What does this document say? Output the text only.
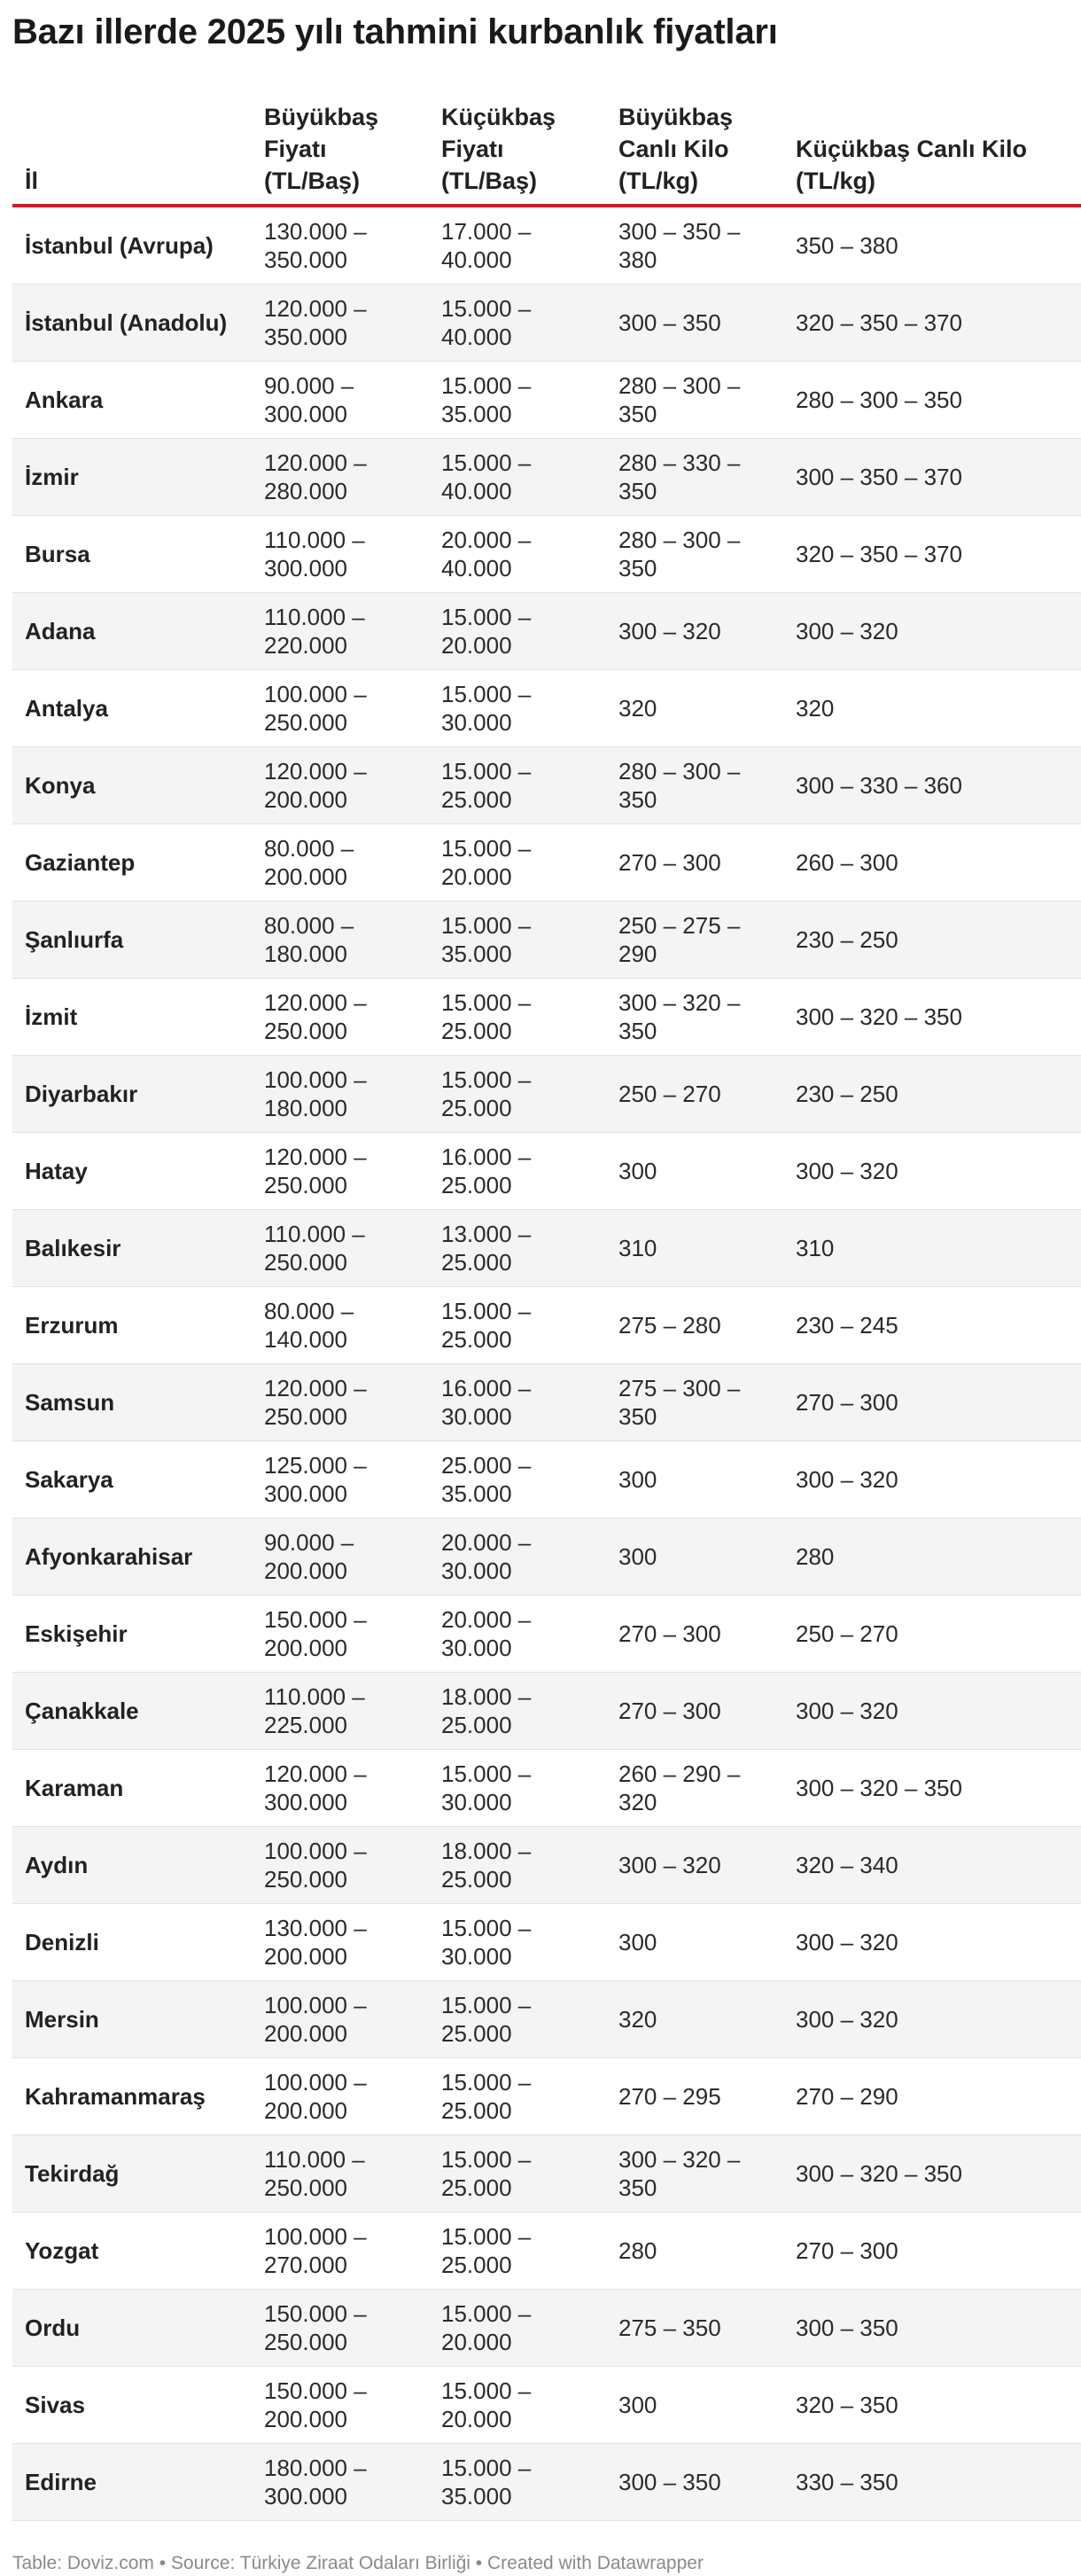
Bazı illerde 2025 yılı tahmini kurbanlık fiyatları
İl	Büyükbaş Fiyatı (TL/Baş)	Küçükbaş Fiyatı (TL/Baş)	Büyükbaş Canlı Kilo (TL/kg)	Küçükbaş Canlı Kilo (TL/kg)
İstanbul (Avrupa)	130.000 – 350.000	17.000 – 40.000	300 – 350 – 380	350 – 380
İstanbul (Anadolu)	120.000 – 350.000	15.000 – 40.000	300 – 350	320 – 350 – 370
Ankara	90.000 – 300.000	15.000 – 35.000	280 – 300 – 350	280 – 300 – 350
İzmir	120.000 – 280.000	15.000 – 40.000	280 – 330 – 350	300 – 350 – 370
Bursa	110.000 – 300.000	20.000 – 40.000	280 – 300 – 350	320 – 350 – 370
Adana	110.000 – 220.000	15.000 – 20.000	300 – 320	300 – 320
Antalya	100.000 – 250.000	15.000 – 30.000	320	320
Konya	120.000 – 200.000	15.000 – 25.000	280 – 300 – 350	300 – 330 – 360
Gaziantep	80.000 – 200.000	15.000 – 20.000	270 – 300	260 – 300
Şanlıurfa	80.000 – 180.000	15.000 – 35.000	250 – 275 – 290	230 – 250
İzmit	120.000 – 250.000	15.000 – 25.000	300 – 320 – 350	300 – 320 – 350
Diyarbakır	100.000 – 180.000	15.000 – 25.000	250 – 270	230 – 250
Hatay	120.000 – 250.000	16.000 – 25.000	300	300 – 320
Balıkesir	110.000 – 250.000	13.000 – 25.000	310	310
Erzurum	80.000 – 140.000	15.000 – 25.000	275 – 280	230 – 245
Samsun	120.000 – 250.000	16.000 – 30.000	275 – 300 – 350	270 – 300
Sakarya	125.000 – 300.000	25.000 – 35.000	300	300 – 320
Afyonkarahisar	90.000 – 200.000	20.000 – 30.000	300	280
Eskişehir	150.000 – 200.000	20.000 – 30.000	270 – 300	250 – 270
Çanakkale	110.000 – 225.000	18.000 – 25.000	270 – 300	300 – 320
Karaman	120.000 – 300.000	15.000 – 30.000	260 – 290 – 320	300 – 320 – 350
Aydın	100.000 – 250.000	18.000 – 25.000	300 – 320	320 – 340
Denizli	130.000 – 200.000	15.000 – 30.000	300	300 – 320
Mersin	100.000 – 200.000	15.000 – 25.000	320	300 – 320
Kahramanmaraş	100.000 – 200.000	15.000 – 25.000	270 – 295	270 – 290
Tekirdağ	110.000 – 250.000	15.000 – 25.000	300 – 320 – 350	300 – 320 – 350
Yozgat	100.000 – 270.000	15.000 – 25.000	280	270 – 300
Ordu	150.000 – 250.000	15.000 – 20.000	275 – 350	300 – 350
Sivas	150.000 – 200.000	15.000 – 20.000	300	320 – 350
Edirne	180.000 – 300.000	15.000 – 35.000	300 – 350	330 – 350
Table: Doviz.com • Source: Türkiye Ziraat Odaları Birliği • Created with Datawrapper
